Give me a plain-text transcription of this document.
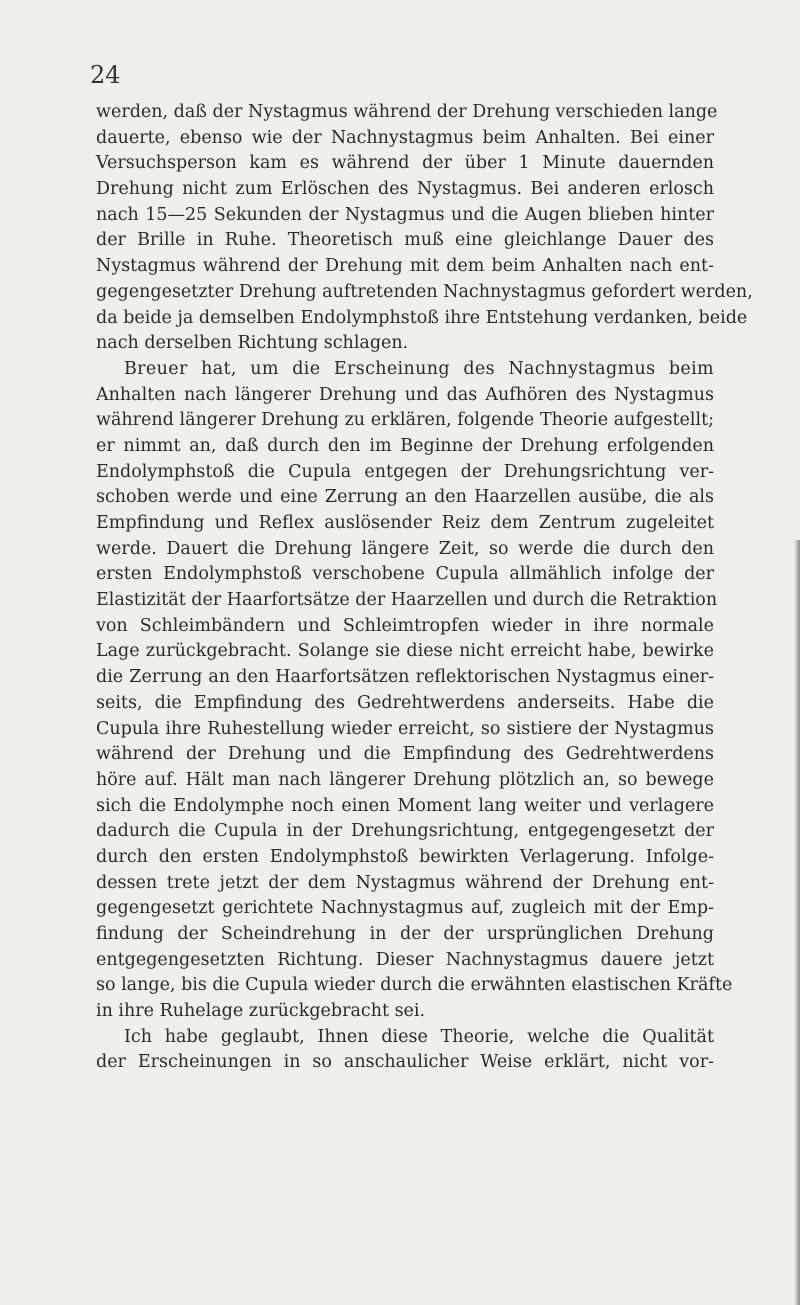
24
werden, daß der Nystagmus während der Drehung verschieden lange
dauerte, ebenso wie der Nachnystagmus beim Anhalten. Bei einer
Versuchsperson kam es während der über 1 Minute dauernden
Drehung nicht zum Erlöschen des Nystagmus. Bei anderen erlosch
nach 15—25 Sekunden der Nystagmus und die Augen blieben hinter
der Brille in Ruhe. Theoretisch muß eine gleichlange Dauer des
Nystagmus während der Drehung mit dem beim Anhalten nach ent-
gegengesetzter Drehung auftretenden Nachnystagmus gefordert werden,
da beide ja demselben Endolymphstoß ihre Entstehung verdanken, beide
nach derselben Richtung schlagen.
Breuer hat, um die Erscheinung des Nachnystagmus beim
Anhalten nach längerer Drehung und das Aufhören des Nystagmus
während längerer Drehung zu erklären, folgende Theorie aufgestellt;
er nimmt an, daß durch den im Beginne der Drehung erfolgenden
Endolymphstoß die Cupula entgegen der Drehungsrichtung ver-
schoben werde und eine Zerrung an den Haarzellen ausübe, die als
Empfindung und Reflex auslösender Reiz dem Zentrum zugeleitet
werde. Dauert die Drehung längere Zeit, so werde die durch den
ersten Endolymphstoß verschobene Cupula allmählich infolge der
Elastizität der Haarfortsätze der Haarzellen und durch die Retraktion
von Schleimbändern und Schleimtropfen wieder in ihre normale
Lage zurückgebracht. Solange sie diese nicht erreicht habe, bewirke
die Zerrung an den Haarfortsätzen reflektorischen Nystagmus einer-
seits, die Empfindung des Gedrehtwerdens anderseits. Habe die
Cupula ihre Ruhestellung wieder erreicht, so sistiere der Nystagmus
während der Drehung und die Empfindung des Gedrehtwerdens
höre auf. Hält man nach längerer Drehung plötzlich an, so bewege
sich die Endolymphe noch einen Moment lang weiter und verlagere
dadurch die Cupula in der Drehungsrichtung, entgegengesetzt der
durch den ersten Endolymphstoß bewirkten Verlagerung. Infolge-
dessen trete jetzt der dem Nystagmus während der Drehung ent-
gegengesetzt gerichtete Nachnystagmus auf, zugleich mit der Emp-
findung der Scheindrehung in der der ursprünglichen Drehung
entgegengesetzten Richtung. Dieser Nachnystagmus dauere jetzt
so lange, bis die Cupula wieder durch die erwähnten elastischen Kräfte
in ihre Ruhelage zurückgebracht sei.
Ich habe geglaubt, Ihnen diese Theorie, welche die Qualität
der Erscheinungen in so anschaulicher Weise erklärt, nicht vor-
